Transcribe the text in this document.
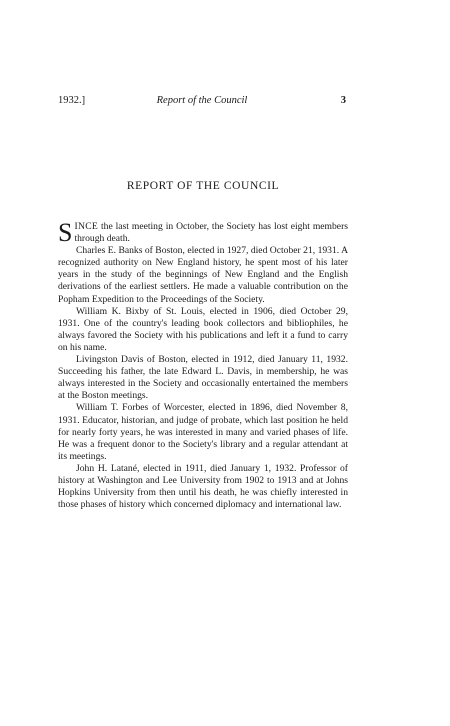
1932.]	Report of the Council	3
REPORT OF THE COUNCIL

SINCE the last meeting in October, the Society has lost eight members through death.

Charles E. Banks of Boston, elected in 1927, died October 21, 1931. A recognized authority on New England history, he spent most of his later years in the study of the beginnings of New England and the English derivations of the earliest settlers. He made a valuable contribution on the Popham Expedition to the Proceedings of the Society.

William K. Bixby of St. Louis, elected in 1906, died October 29, 1931. One of the country's leading book collectors and bibliophiles, he always favored the Society with his publications and left it a fund to carry on his name.

Livingston Davis of Boston, elected in 1912, died January 11, 1932. Succeeding his father, the late Edward L. Davis, in membership, he was always interested in the Society and occasionally entertained the members at the Boston meetings.

William T. Forbes of Worcester, elected in 1896, died November 8, 1931. Educator, historian, and judge of probate, which last position he held for nearly forty years, he was interested in many and varied phases of life. He was a frequent donor to the Society's library and a regular attendant at its meetings.

John H. Latané, elected in 1911, died January 1, 1932. Professor of history at Washington and Lee University from 1902 to 1913 and at Johns Hopkins University from then until his death, he was chiefly interested in those phases of history which concerned diplomacy and international law.
